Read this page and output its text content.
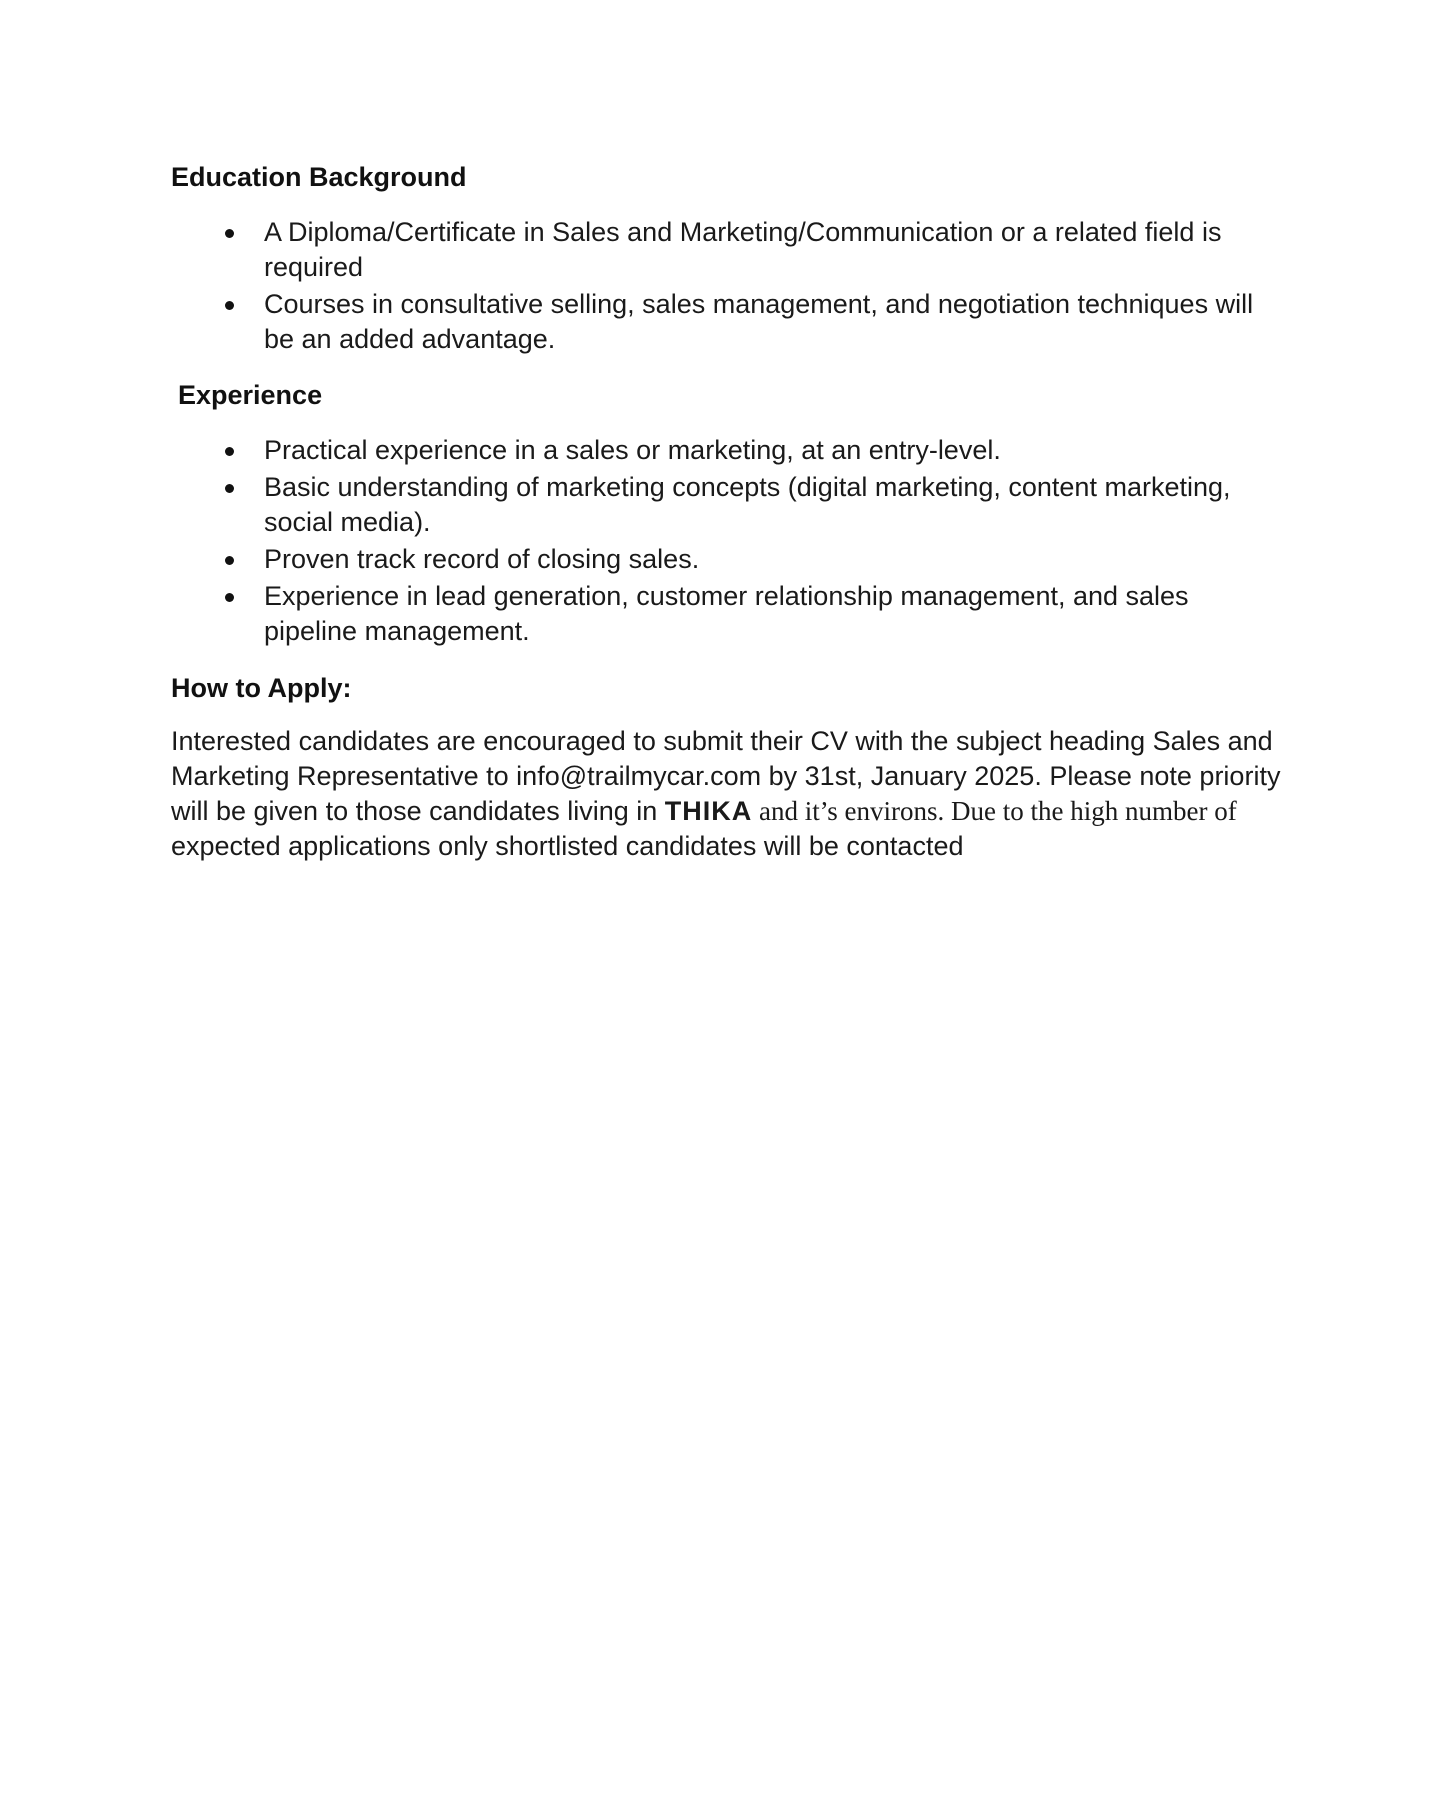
Education Background
A Diploma/Certificate in Sales and Marketing/Communication or a related field is required
Courses in consultative selling, sales management, and negotiation techniques will be an added advantage.
Experience
Practical experience in a sales or marketing, at an entry-level.
Basic understanding of marketing concepts (digital marketing, content marketing, social media).
Proven track record of closing sales.
Experience in lead generation, customer relationship management, and sales pipeline management.
How to Apply:

Interested candidates are encouraged to submit their CV with the subject heading Sales and Marketing Representative to info@trailmycar.com by 31st, January 2025. Please note priority will be given to those candidates living in THIKA and it’s environs. Due to the high number of expected applications only shortlisted candidates will be contacted
